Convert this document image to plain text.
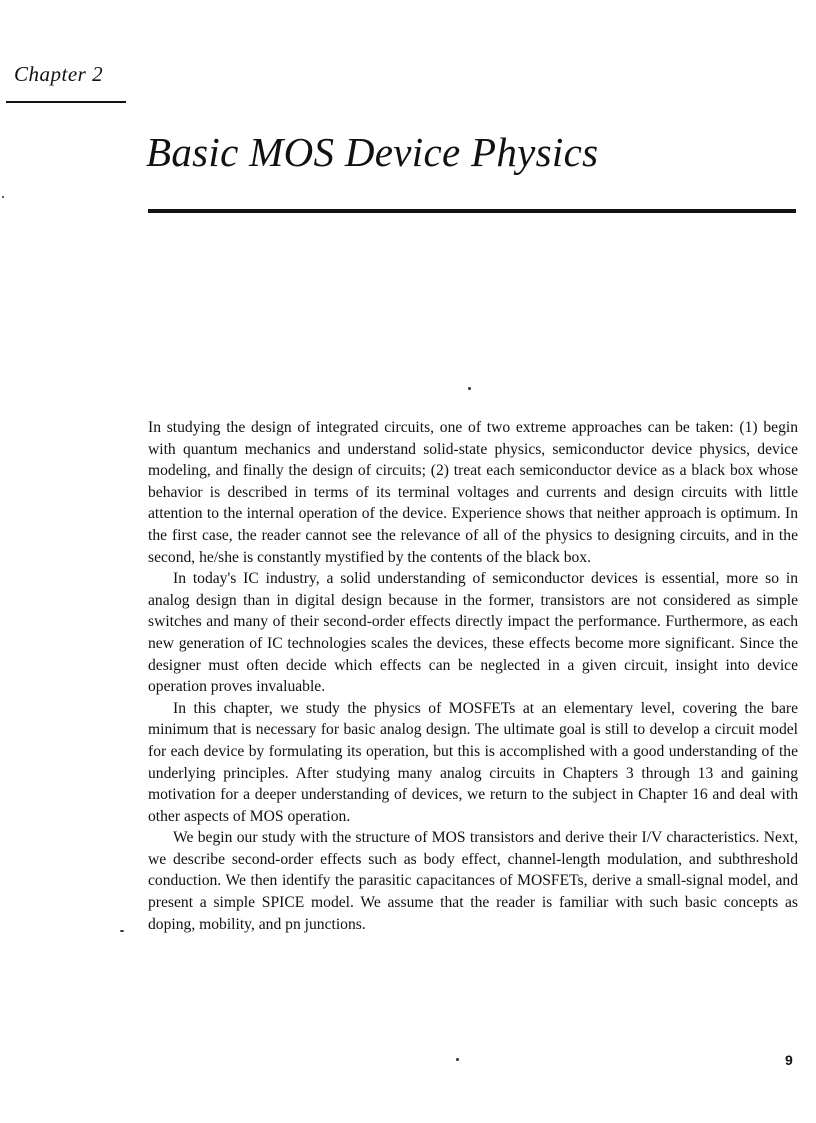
Chapter 2
Basic MOS Device Physics

In studying the design of integrated circuits, one of two extreme approaches can be taken: (1) begin with quantum mechanics and understand solid-state physics, semiconductor device physics, device modeling, and finally the design of circuits; (2) treat each semiconductor device as a black box whose behavior is described in terms of its terminal voltages and currents and design circuits with little attention to the internal operation of the device. Experience shows that neither approach is optimum. In the first case, the reader cannot see the relevance of all of the physics to designing circuits, and in the second, he/she is constantly mystified by the contents of the black box.

In today's IC industry, a solid understanding of semiconductor devices is essential, more so in analog design than in digital design because in the former, transistors are not considered as simple switches and many of their second-order effects directly impact the performance. Furthermore, as each new generation of IC technologies scales the devices, these effects become more significant. Since the designer must often decide which effects can be neglected in a given circuit, insight into device operation proves invaluable.

In this chapter, we study the physics of MOSFETs at an elementary level, covering the bare minimum that is necessary for basic analog design. The ultimate goal is still to develop a circuit model for each device by formulating its operation, but this is accomplished with a good understanding of the underlying principles. After studying many analog circuits in Chapters 3 through 13 and gaining motivation for a deeper understanding of devices, we return to the subject in Chapter 16 and deal with other aspects of MOS operation.

We begin our study with the structure of MOS transistors and derive their I/V characteristics. Next, we describe second-order effects such as body effect, channel-length modulation, and subthreshold conduction. We then identify the parasitic capacitances of MOSFETs, derive a small-signal model, and present a simple SPICE model. We assume that the reader is familiar with such basic concepts as doping, mobility, and pn junctions.

9
